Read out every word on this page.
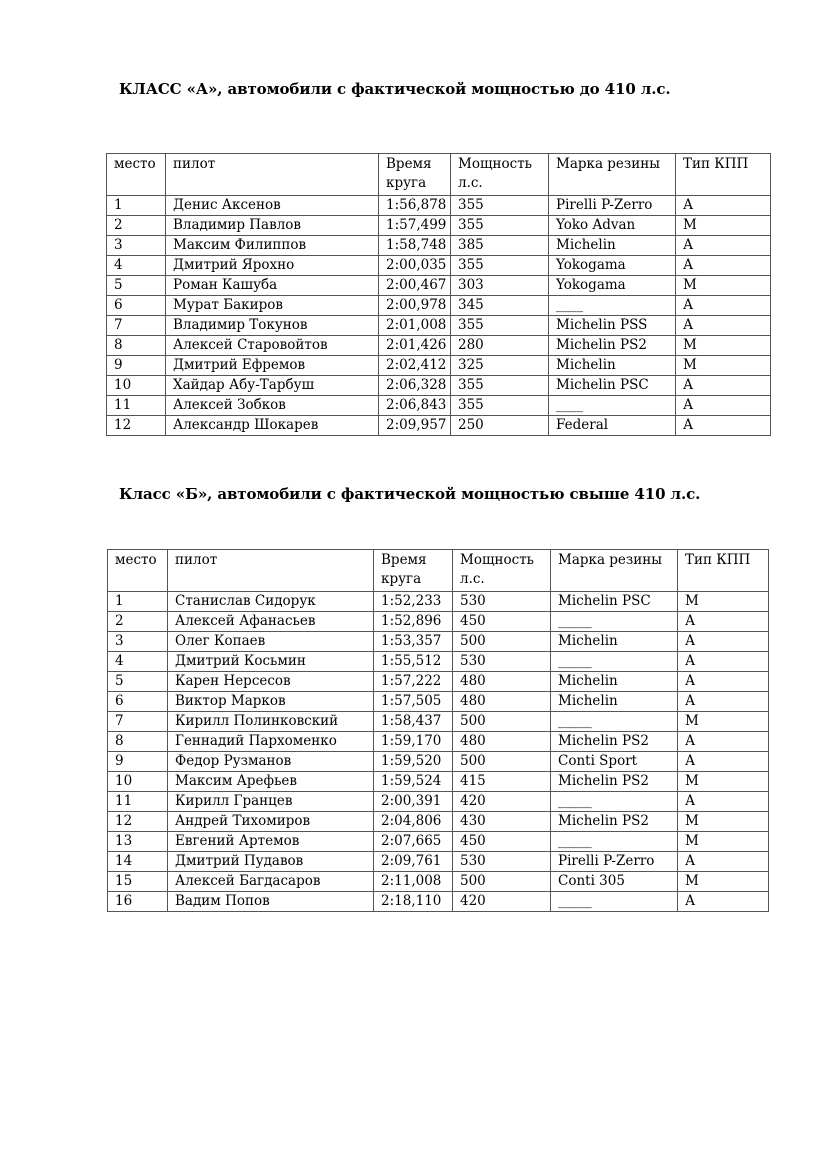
КЛАСС «А», автомобили с фактической мощностью до 410 л.с.
место	пилот	Время круга	Мощность л.с.	Марка резины	Тип КПП
1	Денис Аксенов	1:56,878	355	Pirelli P-Zerro	А
2	Владимир Павлов	1:57,499	355	Yoko Advan	М
3	Максим Филиппов	1:58,748	385	Michelin	А
4	Дмитрий Ярохно	2:00,035	355	Yokogama	А
5	Роман Кашуба	2:00,467	303	Yokogama	М
6	Мурат Бакиров	2:00,978	345	____	А
7	Владимир Токунов	2:01,008	355	Michelin PSS	А
8	Алексей Старовойтов	2:01,426	280	Michelin PS2	М
9	Дмитрий Ефремов	2:02,412	325	Michelin	М
10	Хайдар Абу-Тарбуш	2:06,328	355	Michelin PSC	А
11	Алексей Зобков	2:06,843	355	____	А
12	Александр Шокарев	2:09,957	250	Federal	А
Класс «Б», автомобили с фактической мощностью свыше 410 л.с.
место	пилот	Время круга	Мощность л.с.	Марка резины	Тип КПП
1	Станислав Сидорук	1:52,233	530	Michelin PSC	М
2	Алексей Афанасьев	1:52,896	450	_____	А
3	Олег Копаев	1:53,357	500	Michelin	А
4	Дмитрий Косьмин	1:55,512	530	_____	А
5	Карен Нерсесов	1:57,222	480	Michelin	А
6	Виктор Марков	1:57,505	480	Michelin	А
7	Кирилл Полинковский	1:58,437	500	_____	М
8	Геннадий Пархоменко	1:59,170	480	Michelin PS2	А
9	Федор Рузманов	1:59,520	500	Conti Sport	А
10	Максим Арефьев	1:59,524	415	Michelin PS2	М
11	Кирилл Гранцев	2:00,391	420	_____	А
12	Андрей Тихомиров	2:04,806	430	Michelin PS2	М
13	Евгений Артемов	2:07,665	450	_____	М
14	Дмитрий Пудавов	2:09,761	530	Pirelli P-Zerro	А
15	Алексей Багдасаров	2:11,008	500	Conti 305	М
16	Вадим Попов	2:18,110	420	_____	А
